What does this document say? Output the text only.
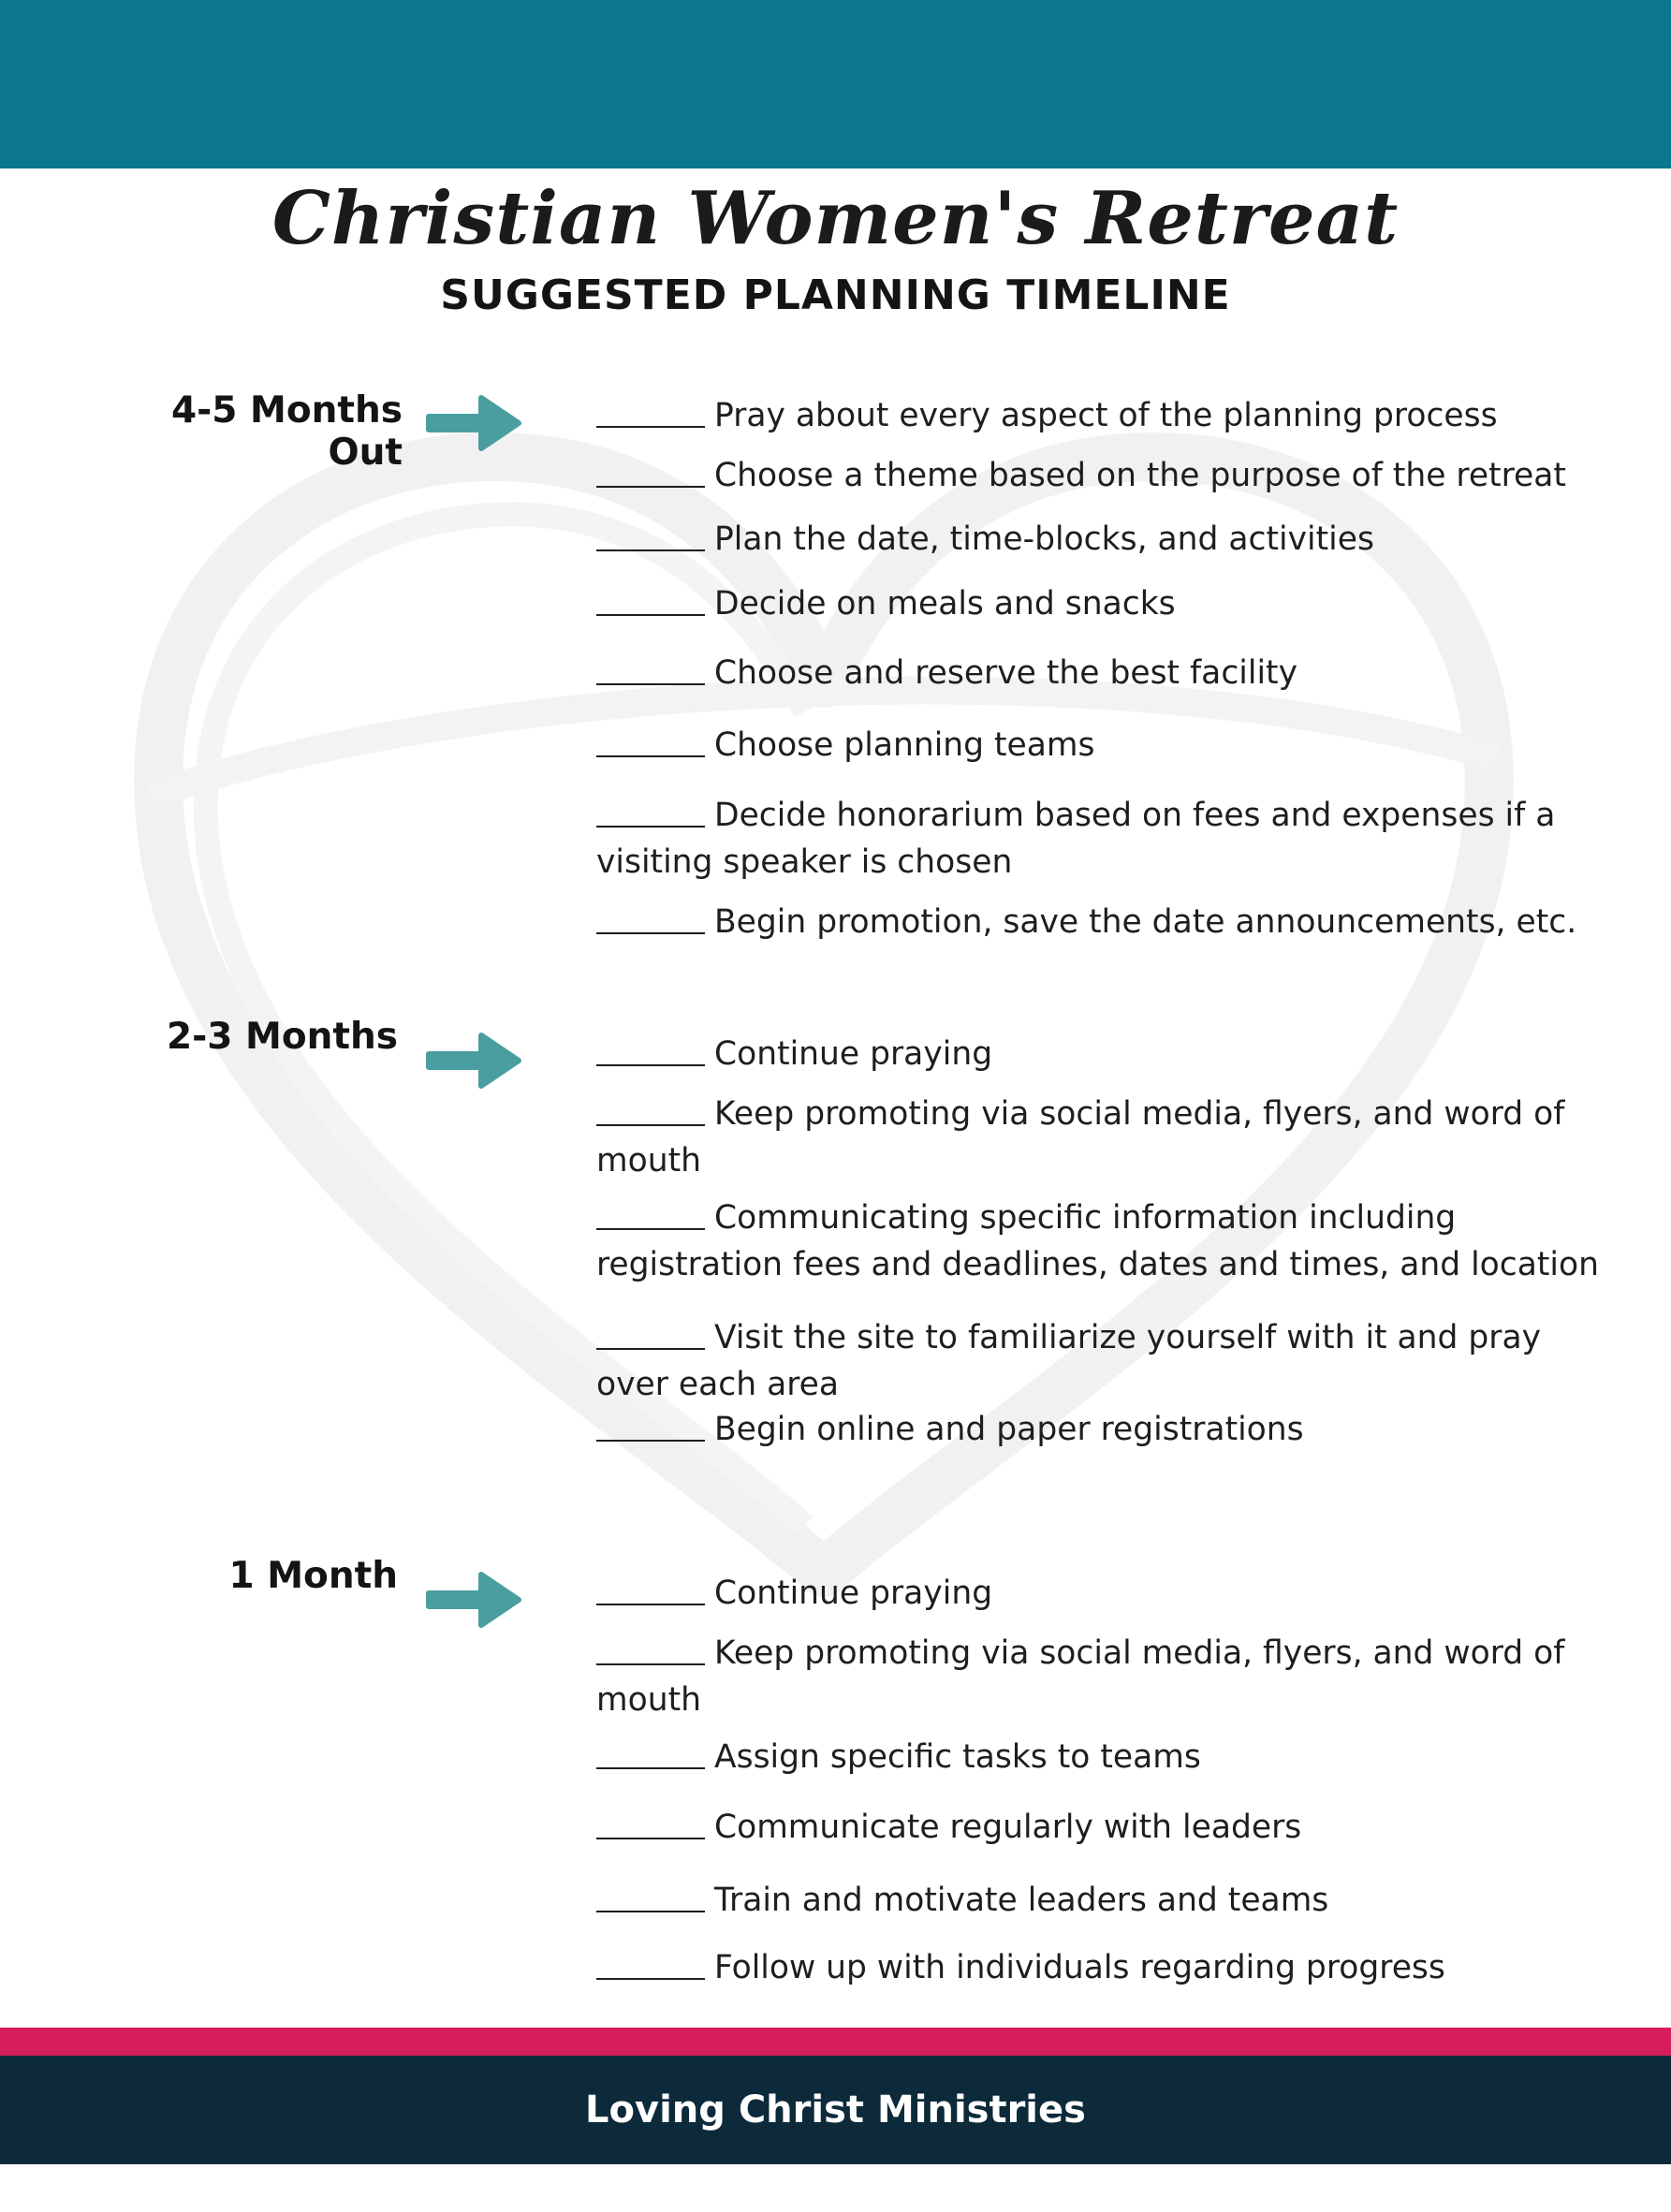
Christian Women's Retreat
SUGGESTED PLANNING TIMELINE
4-5 Months Out
Pray about every aspect of the planning process
Choose a theme based on the purpose of the retreat
Plan the date, time-blocks, and activities
Decide on meals and snacks
Choose and reserve the best facility
Choose planning teams
Decide honorarium based on fees and expenses if a visiting speaker is chosen
Begin promotion, save the date announcements, etc.
2-3 Months	Continue praying
Keep promoting via social media, flyers, and word of mouth
Communicating specific information including registration fees and deadlines, dates and times, and location
Visit the site to familiarize yourself with it and pray over each area
Begin online and paper registrations
1 Month	Continue praying
Keep promoting via social media, flyers, and word of mouth
Assign specific tasks to teams
Communicate regularly with leaders
Train and motivate leaders and teams
Follow up with individuals regarding progress
Loving Christ Ministries
